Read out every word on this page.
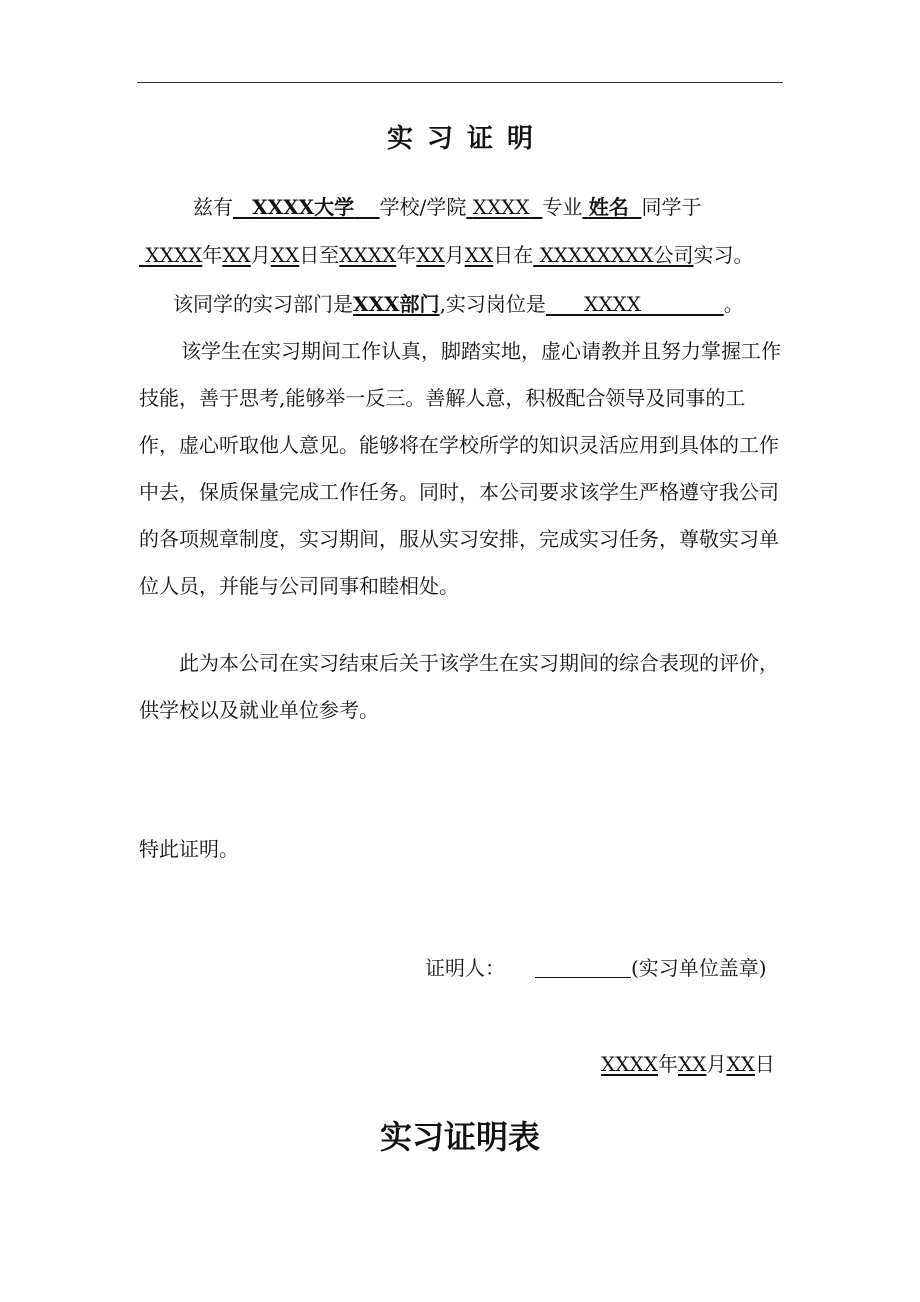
实习证明
兹有 XXXX大学 学校/学院 XXXX 专业 姓名 同学于
XXXX年XX月XX日至XXXX年XX月XX日在 XXXXXXXX公司实习。
该同学的实习部门是XXX部门,实习岗位是 XXXX	。
该学生在实习期间工作认真，脚踏实地，虚心请教并且努力掌握工作技能，善于思考,能够举一反三。善解人意，积极配合领导及同事的工作，虚心听取他人意见。能够将在学校所学的知识灵活应用到具体的工作中去，保质保量完成工作任务。同时，本公司要求该学生严格遵守我公司的各项规章制度，实习期间，服从实习安排，完成实习任务，尊敬实习单位人员，并能与公司同事和睦相处。
此为本公司在实习结束后关于该学生在实习期间的综合表现的评价，供学校以及就业单位参考。
特此证明。
证明人：	(实习单位盖章)
XXXX年XX月XX日
实习证明表
